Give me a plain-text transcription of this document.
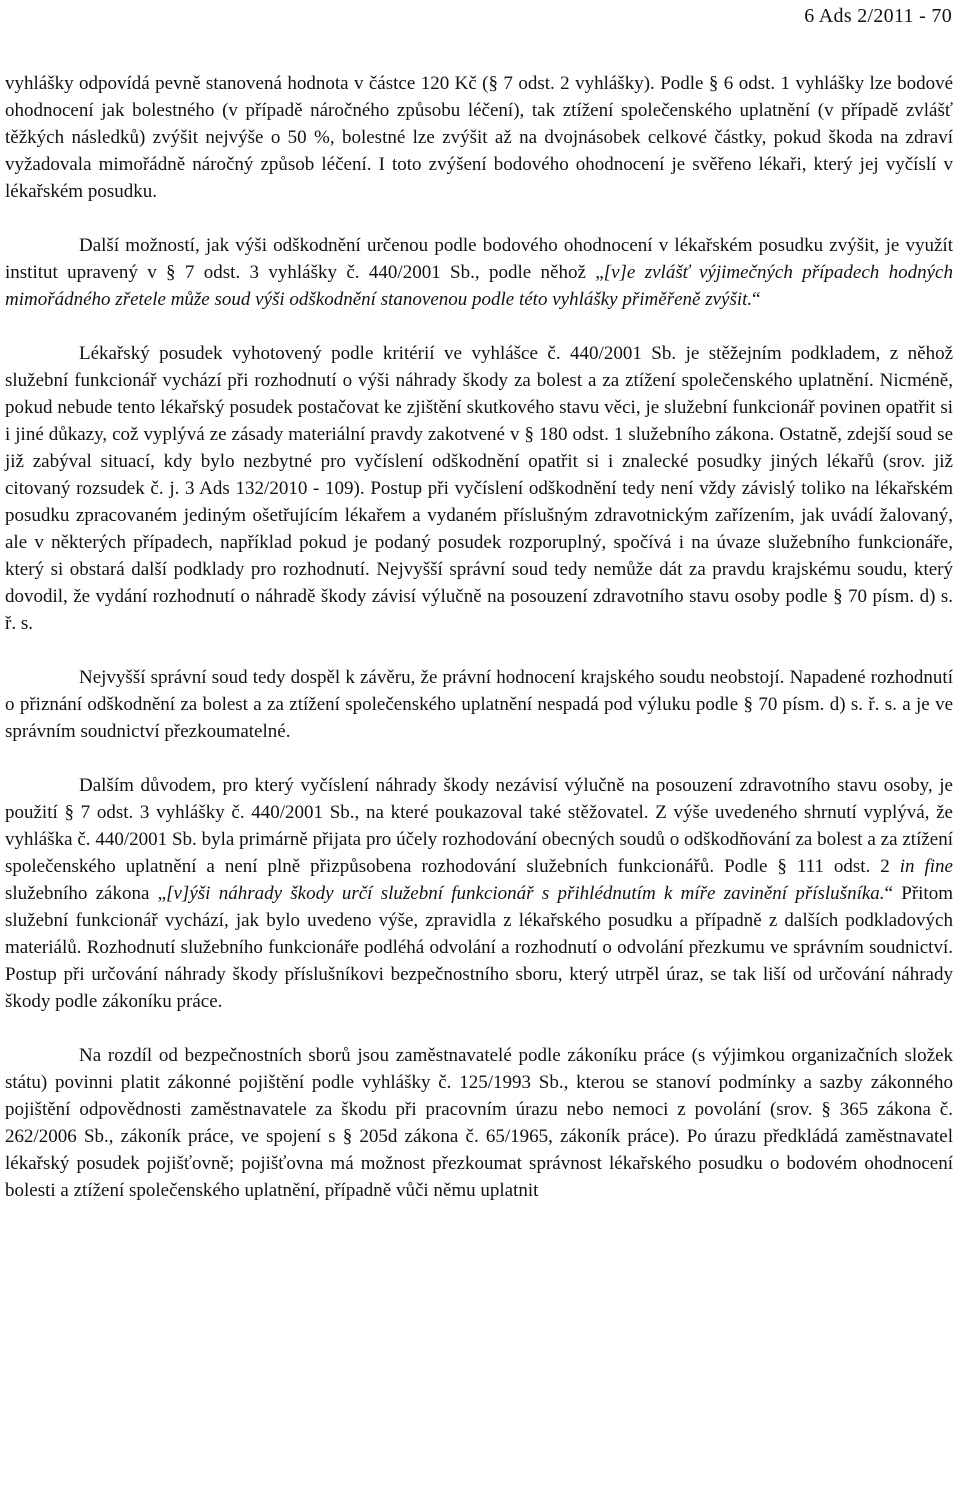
6 Ads 2/2011 - 70

vyhlášky odpovídá pevně stanovená hodnota v částce 120 Kč (§ 7 odst. 2 vyhlášky). Podle § 6 odst. 1 vyhlášky lze bodové ohodnocení jak bolestného (v případě náročného způsobu léčení), tak ztížení společenského uplatnění (v případě zvlášť těžkých následků) zvýšit nejvýše o 50 %, bolestné lze zvýšit až na dvojnásobek celkové částky, pokud škoda na zdraví vyžadovala mimořádně náročný způsob léčení. I toto zvýšení bodového ohodnocení je svěřeno lékaři, který jej vyčíslí v lékařském posudku.

Další možností, jak výši odškodnění určenou podle bodového ohodnocení v lékařském posudku zvýšit, je využít institut upravený v § 7 odst. 3 vyhlášky č. 440/2001 Sb., podle něhož „[v]e zvlášť výjimečných případech hodných mimořádného zřetele může soud výši odškodnění stanovenou podle této vyhlášky přiměřeně zvýšit.“

Lékařský posudek vyhotovený podle kritérií ve vyhlášce č. 440/2001 Sb. je stěžejním podkladem, z něhož služební funkcionář vychází při rozhodnutí o výši náhrady škody za bolest a za ztížení společenského uplatnění. Nicméně, pokud nebude tento lékařský posudek postačovat ke zjištění skutkového stavu věci, je služební funkcionář povinen opatřit si i jiné důkazy, což vyplývá ze zásady materiální pravdy zakotvené v § 180 odst. 1 služebního zákona. Ostatně, zdejší soud se již zabýval situací, kdy bylo nezbytné pro vyčíslení odškodnění opatřit si i znalecké posudky jiných lékařů (srov. již citovaný rozsudek č. j. 3 Ads 132/2010 - 109). Postup při vyčíslení odškodnění tedy není vždy závislý toliko na lékařském posudku zpracovaném jediným ošetřujícím lékařem a vydaném příslušným zdravotnickým zařízením, jak uvádí žalovaný, ale v některých případech, například pokud je podaný posudek rozporuplný, spočívá i na úvaze služebního funkcionáře, který si obstará další podklady pro rozhodnutí. Nejvyšší správní soud tedy nemůže dát za pravdu krajskému soudu, který dovodil, že vydání rozhodnutí o náhradě škody závisí výlučně na posouzení zdravotního stavu osoby podle § 70 písm. d) s. ř. s.

Nejvyšší správní soud tedy dospěl k závěru, že právní hodnocení krajského soudu neobstojí. Napadené rozhodnutí o přiznání odškodnění za bolest a za ztížení společenského uplatnění nespadá pod výluku podle § 70 písm. d) s. ř. s. a je ve správním soudnictví přezkoumatelné.

Dalším důvodem, pro který vyčíslení náhrady škody nezávisí výlučně na posouzení zdravotního stavu osoby, je použití § 7 odst. 3 vyhlášky č. 440/2001 Sb., na které poukazoval také stěžovatel. Z výše uvedeného shrnutí vyplývá, že vyhláška č. 440/2001 Sb. byla primárně přijata pro účely rozhodování obecných soudů o odškodňování za bolest a za ztížení společenského uplatnění a není plně přizpůsobena rozhodování služebních funkcionářů. Podle § 111 odst. 2 in fine služebního zákona „[v]ýši náhrady škody určí služební funkcionář s přihlédnutím k míře zavinění příslušníka.“ Přitom služební funkcionář vychází, jak bylo uvedeno výše, zpravidla z lékařského posudku a případně z dalších podkladových materiálů. Rozhodnutí služebního funkcionáře podléhá odvolání a rozhodnutí o odvolání přezkumu ve správním soudnictví. Postup při určování náhrady škody příslušníkovi bezpečnostního sboru, který utrpěl úraz, se tak liší od určování náhrady škody podle zákoníku práce.

Na rozdíl od bezpečnostních sborů jsou zaměstnavatelé podle zákoníku práce (s výjimkou organizačních složek státu) povinni platit zákonné pojištění podle vyhlášky č. 125/1993 Sb., kterou se stanoví podmínky a sazby zákonného pojištění odpovědnosti zaměstnavatele za škodu při pracovním úrazu nebo nemoci z povolání (srov. § 365 zákona č. 262/2006 Sb., zákoník práce, ve spojení s § 205d zákona č. 65/1965, zákoník práce). Po úrazu předkládá zaměstnavatel lékařský posudek pojišťovně; pojišťovna má možnost přezkoumat správnost lékařského posudku o bodovém ohodnocení bolesti a ztížení společenského uplatnění, případně vůči němu uplatnit
